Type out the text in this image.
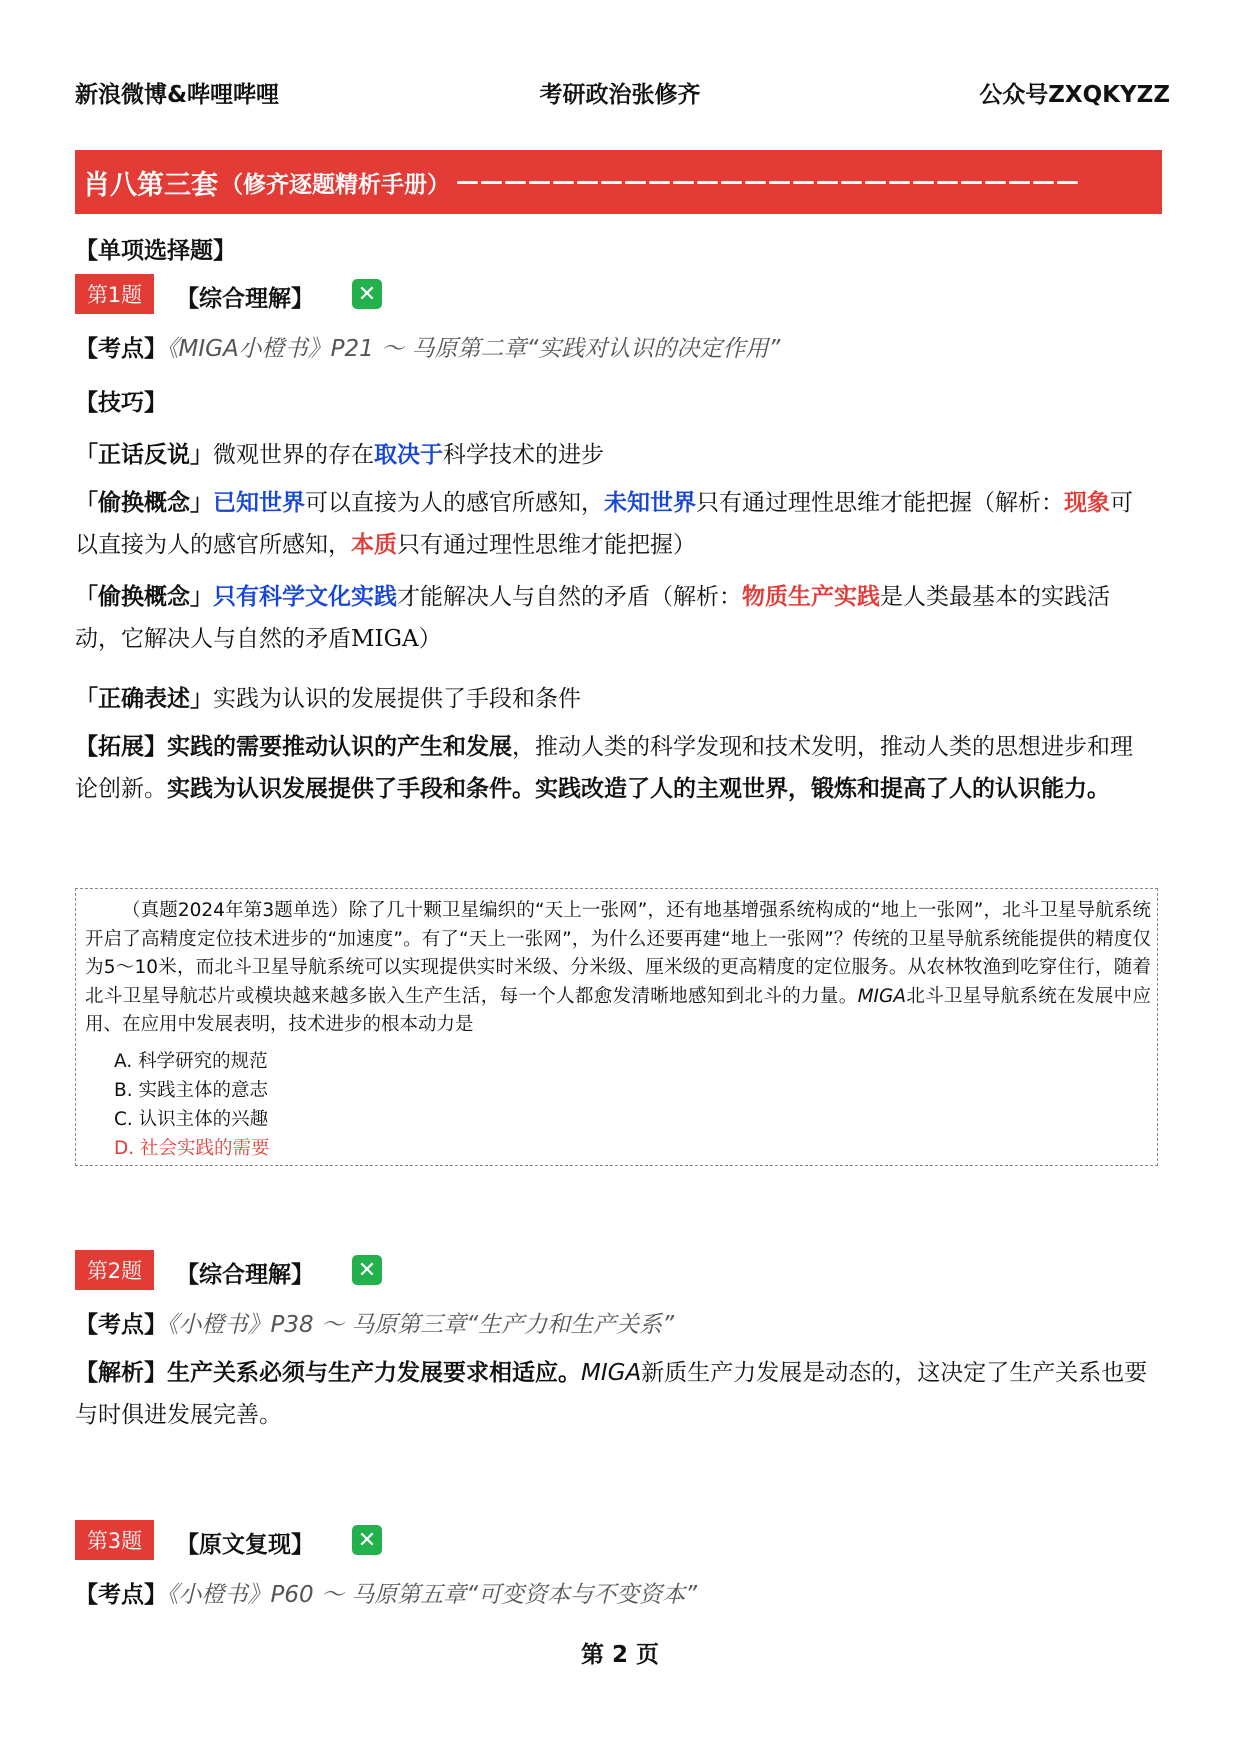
新浪微博&哔哩哔哩	考研政治张修齐	公众号ZXQKYZZ
肖八第三套 （修齐逐题精析手册） ——————————————————————————
【单项选择题】
第1题	【综合理解】 ✕
【考点】《MIGA小橙书》P21 ～ 马原第二章“实践对认识的决定作用”
【技巧】
「正话反说」微观世界的存在取决于科学技术的进步
「偷换概念」已知世界可以直接为人的感官所感知，未知世界只有通过理性思维才能把握（解析：现象可以直接为人的感官所感知，本质只有通过理性思维才能把握）
「偷换概念」只有科学文化实践才能解决人与自然的矛盾（解析：物质生产实践是人类最基本的实践活动，它解决人与自然的矛盾MIGA）
「正确表述」实践为认识的发展提供了手段和条件
【拓展】实践的需要推动认识的产生和发展，推动人类的科学发现和技术发明，推动人类的思想进步和理论创新。实践为认识发展提供了手段和条件。实践改造了人的主观世界，锻炼和提高了人的认识能力。
（真题2024年第3题单选）除了几十颗卫星编织的“天上一张网”，还有地基增强系统构成的“地上一张网”，北斗卫星导航系统开启了高精度定位技术进步的“加速度”。有了“天上一张网”，为什么还要再建“地上一张网”？传统的卫星导航系统能提供的精度仅为5～10米，而北斗卫星导航系统可以实现提供实时米级、分米级、厘米级的更高精度的定位服务。从农林牧渔到吃穿住行，随着北斗卫星导航芯片或模块越来越多嵌入生产生活，每一个人都愈发清晰地感知到北斗的力量。MIGA北斗卫星导航系统在发展中应用、在应用中发展表明，技术进步的根本动力是
A. 科学研究的规范
B. 实践主体的意志
C. 认识主体的兴趣
D. 社会实践的需要
第2题	【综合理解】 ✕
【考点】《小橙书》P38 ～ 马原第三章“生产力和生产关系”
【解析】生产关系必须与生产力发展要求相适应。MIGA新质生产力发展是动态的，这决定了生产关系也要与时俱进发展完善。
第3题	【原文复现】 ✕
【考点】《小橙书》P60 ～ 马原第五章“可变资本与不变资本”
第 2 页
